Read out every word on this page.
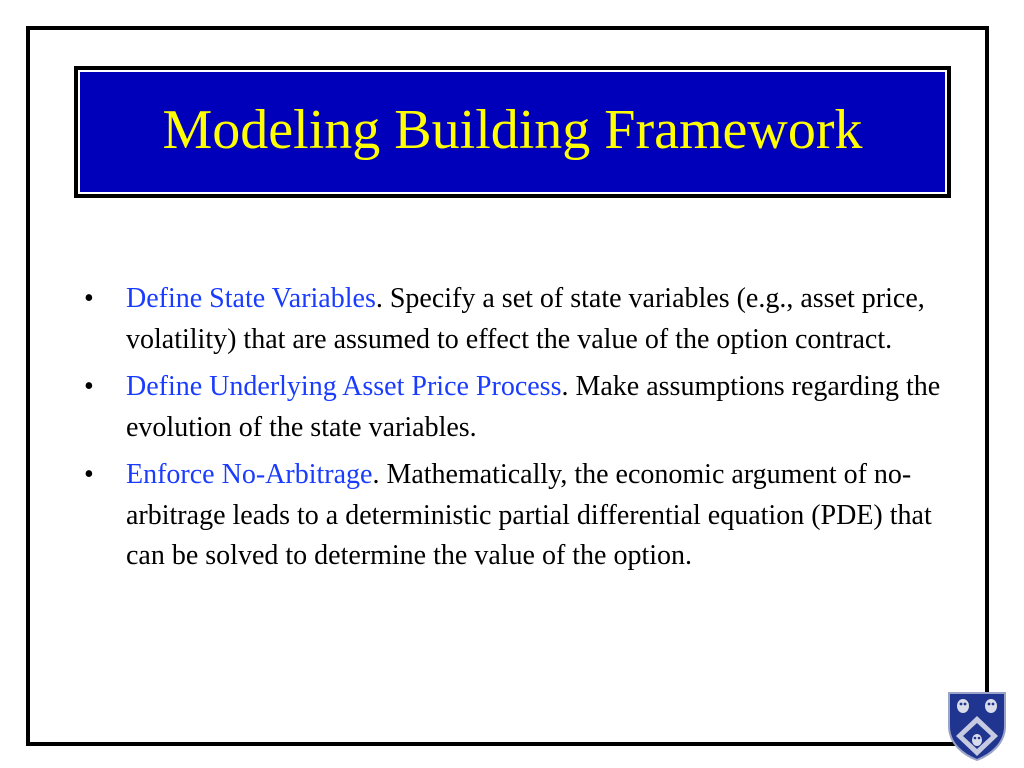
Modeling Building Framework
• Define State Variables. Specify a set of state variables (e.g., asset price, volatility) that are assumed to effect the value of the option contract.
• Define Underlying Asset Price Process. Make assumptions regarding the evolution of the state variables.
• Enforce No-Arbitrage. Mathematically, the economic argument of no-arbitrage leads to a deterministic partial differential equation (PDE) that can be solved to determine the value of the option.
